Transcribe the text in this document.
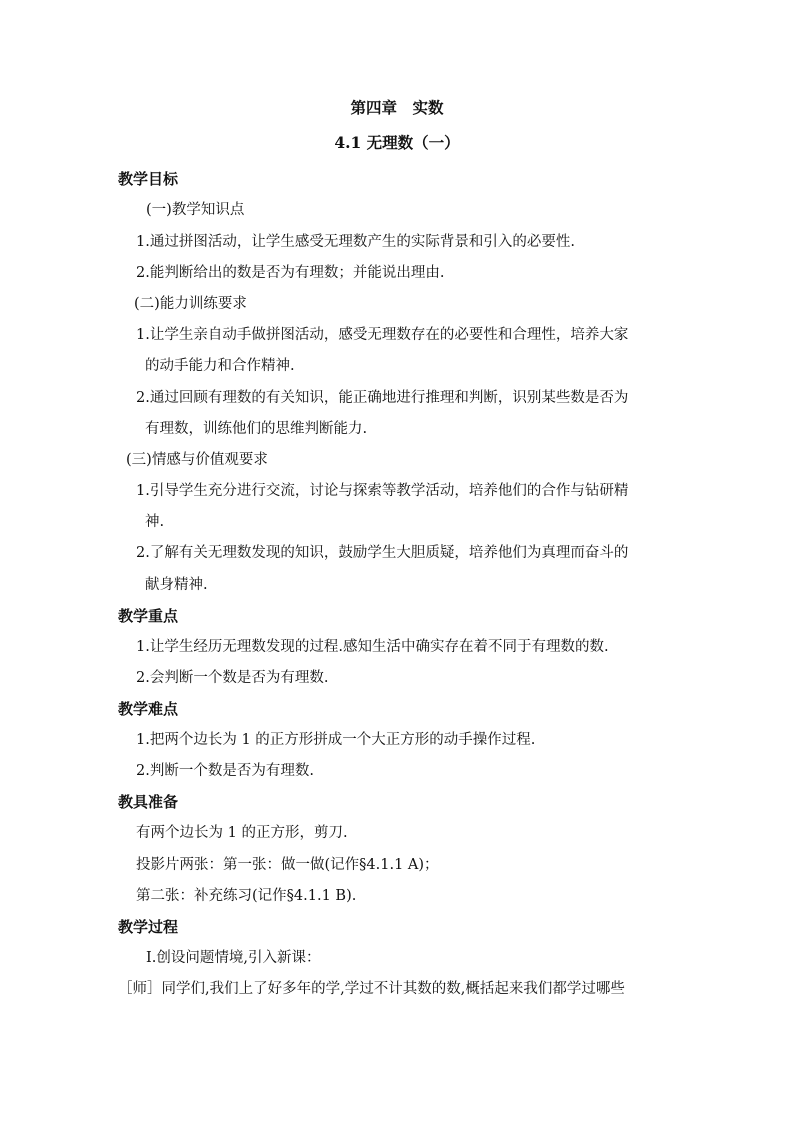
第四章　实数
4.1 无理数（一）
教学目标
(一)教学知识点
1.通过拼图活动，让学生感受无理数产生的实际背景和引入的必要性.
2.能判断给出的数是否为有理数；并能说出理由.
(二)能力训练要求
1.让学生亲自动手做拼图活动，感受无理数存在的必要性和合理性，培养大家
的动手能力和合作精神.
2.通过回顾有理数的有关知识，能正确地进行推理和判断，识别某些数是否为
有理数，训练他们的思维判断能力.
(三)情感与价值观要求
1.引导学生充分进行交流，讨论与探索等教学活动，培养他们的合作与钻研精
神.
2.了解有关无理数发现的知识，鼓励学生大胆质疑，培养他们为真理而奋斗的
献身精神.
教学重点
1.让学生经历无理数发现的过程.感知生活中确实存在着不同于有理数的数.
2.会判断一个数是否为有理数.
教学难点
1.把两个边长为 1 的正方形拼成一个大正方形的动手操作过程.
2.判断一个数是否为有理数.
教具准备
有两个边长为 1 的正方形，剪刀.
投影片两张：第一张：做一做(记作§4.1.1 A)；
第二张：补充练习(记作§4.1.1 B).
教学过程
Ⅰ.创设问题情境,引入新课：
［师］同学们,我们上了好多年的学,学过不计其数的数,概括起来我们都学过哪些
